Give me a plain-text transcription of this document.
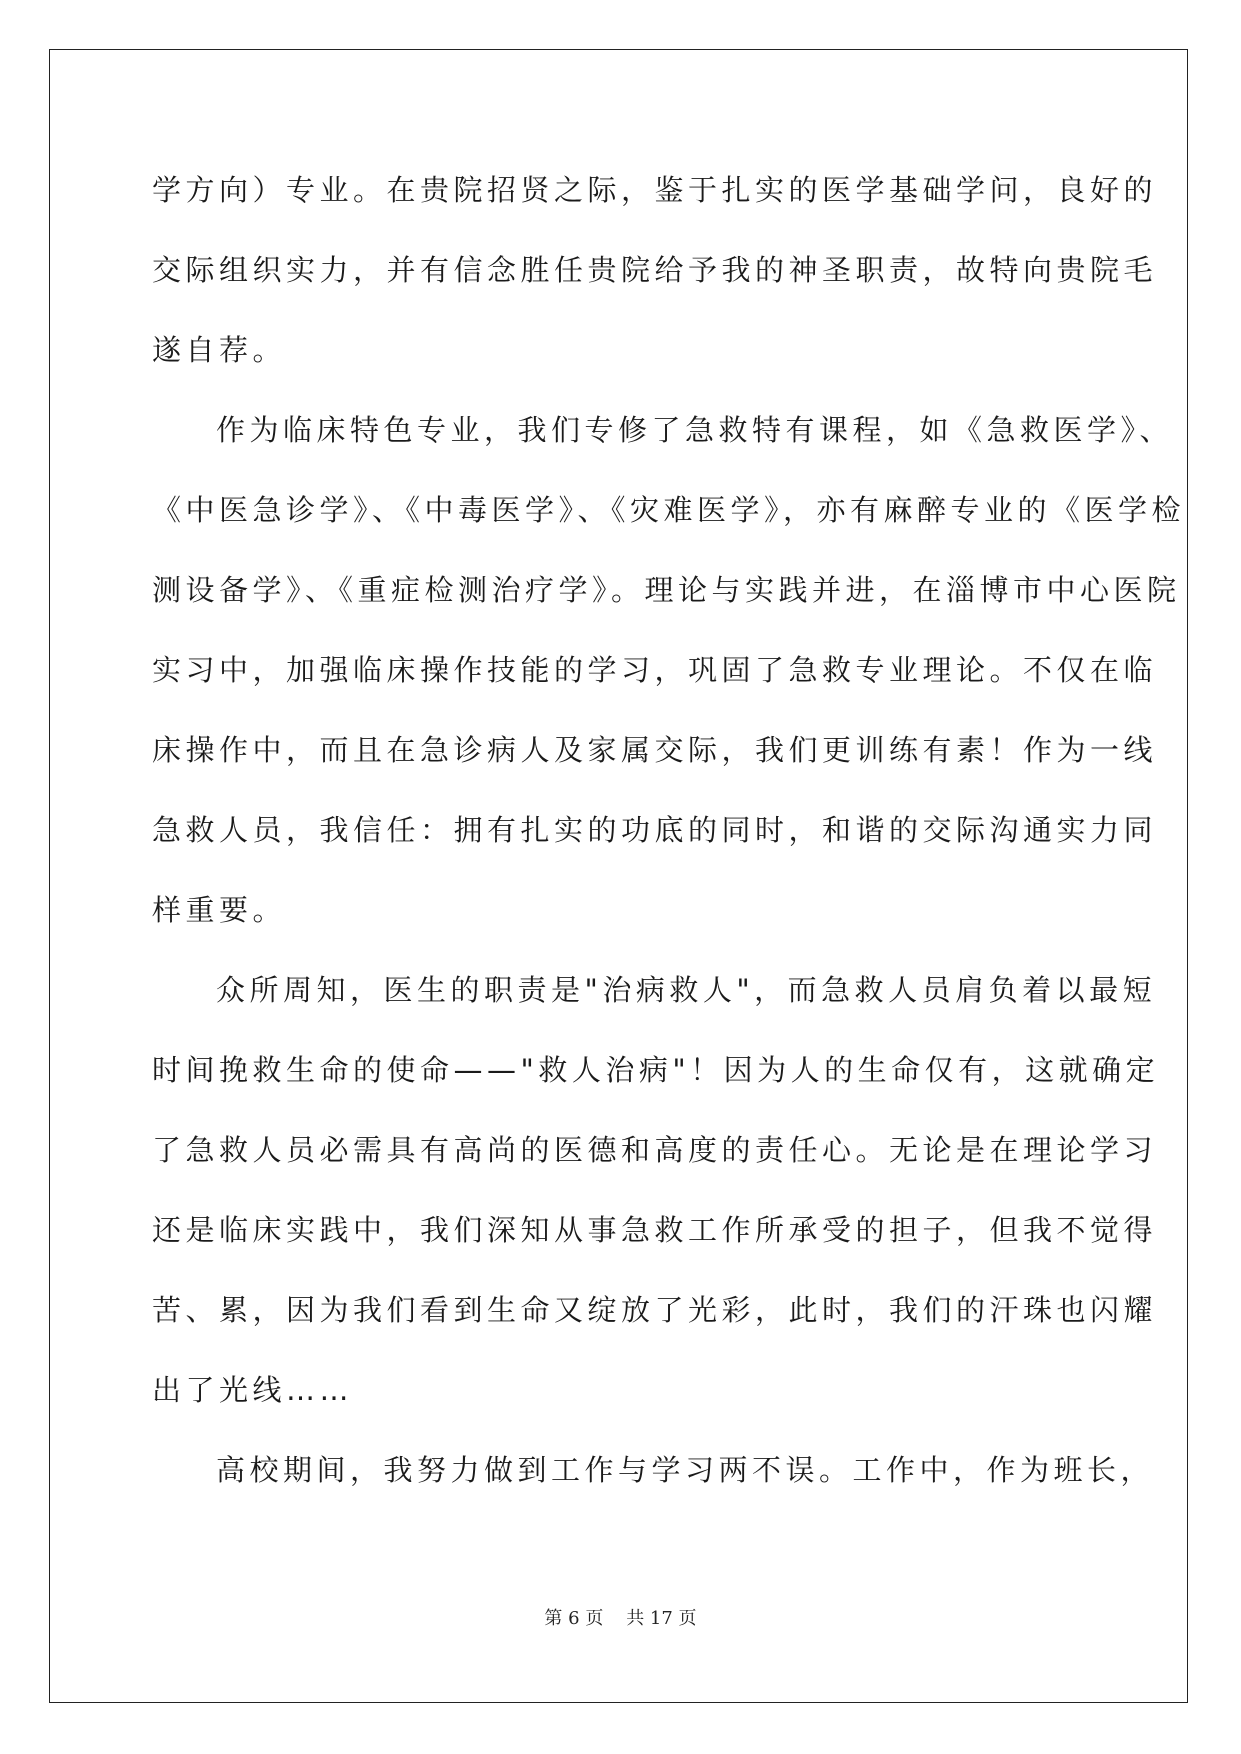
学方向）专业。在贵院招贤之际，鉴于扎实的医学基础学问，良好的
交际组织实力，并有信念胜任贵院给予我的神圣职责，故特向贵院毛
遂自荐。
作为临床特色专业，我们专修了急救特有课程，如《急救医学》、
《中医急诊学》、《中毒医学》、《灾难医学》，亦有麻醉专业的《医学检
测设备学》、《重症检测治疗学》。理论与实践并进，在淄博市中心医院
实习中，加强临床操作技能的学习，巩固了急救专业理论。不仅在临
床操作中，而且在急诊病人及家属交际，我们更训练有素！作为一线
急救人员，我信任：拥有扎实的功底的同时，和谐的交际沟通实力同
样重要。
众所周知，医生的职责是"治病救人"，而急救人员肩负着以最短
时间挽救生命的使命——"救人治病"！因为人的生命仅有，这就确定
了急救人员必需具有高尚的医德和高度的责任心。无论是在理论学习
还是临床实践中，我们深知从事急救工作所承受的担子，但我不觉得
苦、累，因为我们看到生命又绽放了光彩，此时，我们的汗珠也闪耀
出了光线……
高校期间，我努力做到工作与学习两不误。工作中，作为班长，
第 6 页    共 17 页
